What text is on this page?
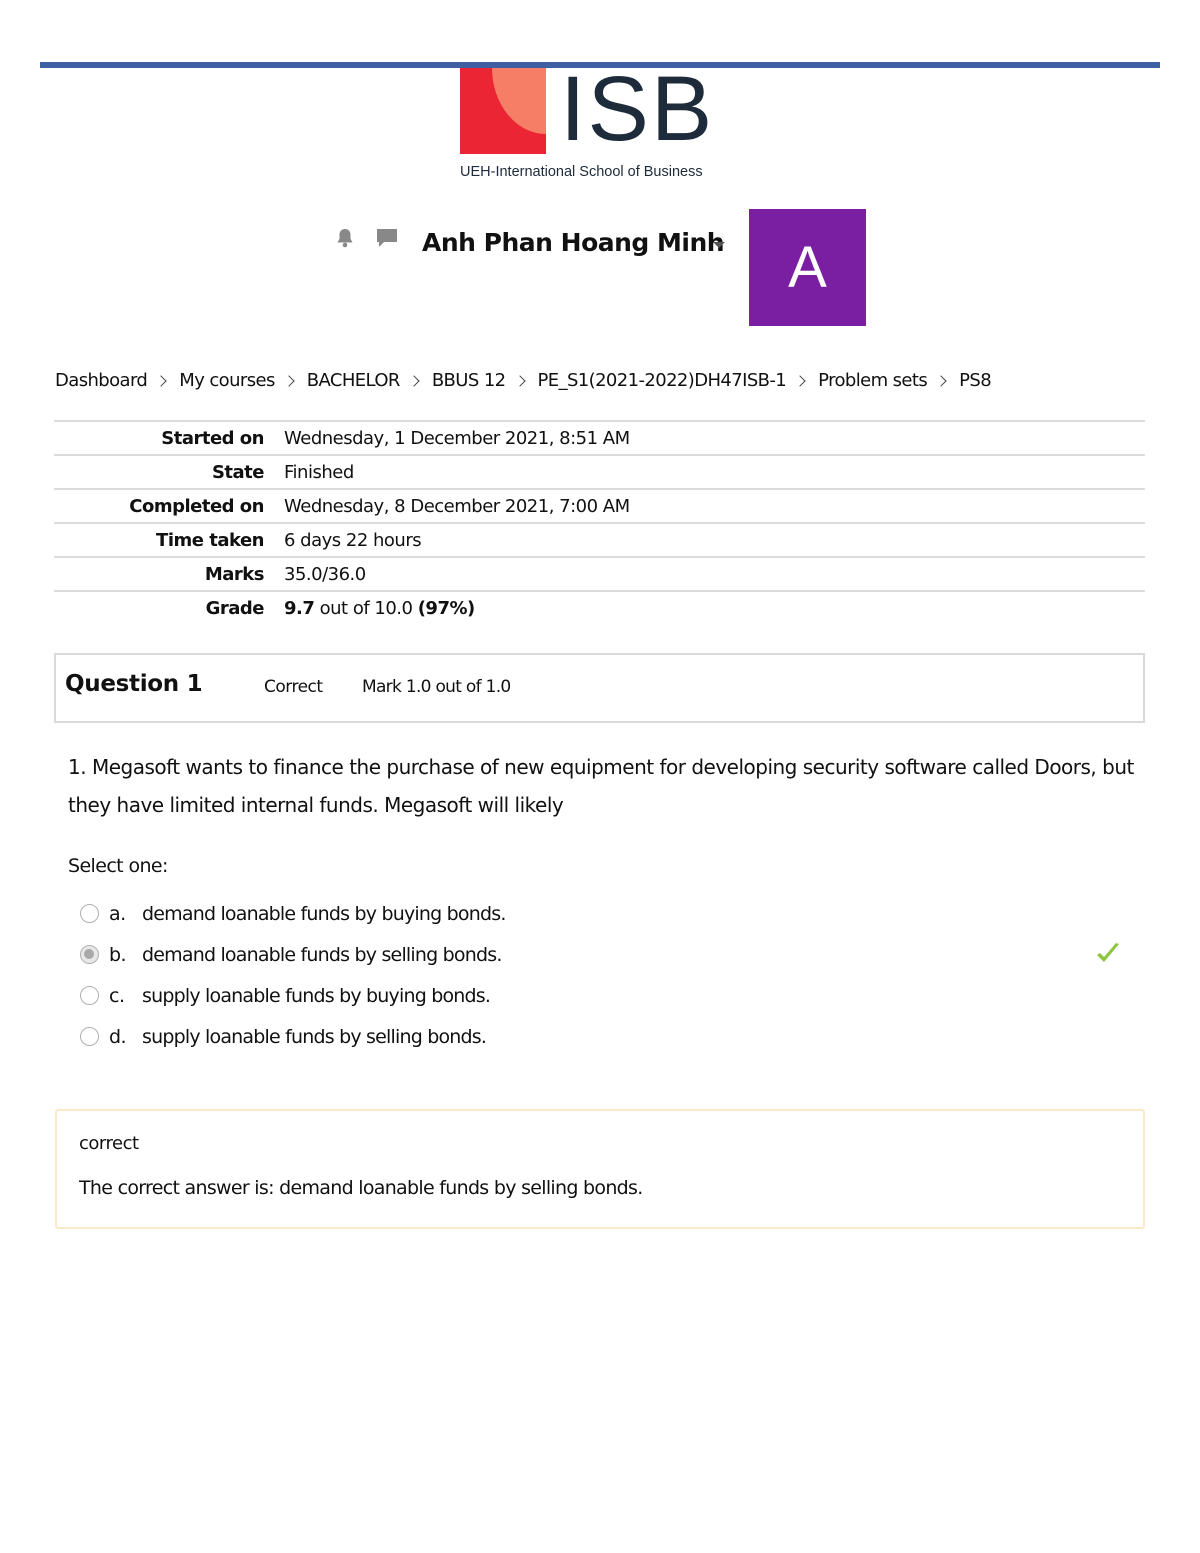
ISB
UEH-International School of Business
Anh Phan Hoang Minh	A
Dashboard My courses BACHELOR BBUS 12 PE_S1(2021-2022)DH47ISB-1 Problem sets PS8
Started on	Wednesday, 1 December 2021, 8:51 AM
State	Finished
Completed on	Wednesday, 8 December 2021, 7:00 AM
Time taken	6 days 22 hours
Marks	35.0/36.0
Grade	9.7 out of 10.0 (97%)
Question 1	Correct Mark 1.0 out of 1.0
1. Megasoft wants to finance the purchase of new equipment for developing security software called Doors, but they have limited internal funds. Megasoft will likely
Select one:
a. demand loanable funds by buying bonds.
b. demand loanable funds by selling bonds.
c. supply loanable funds by buying bonds.
d. supply loanable funds by selling bonds.
correct
The correct answer is: demand loanable funds by selling bonds.
